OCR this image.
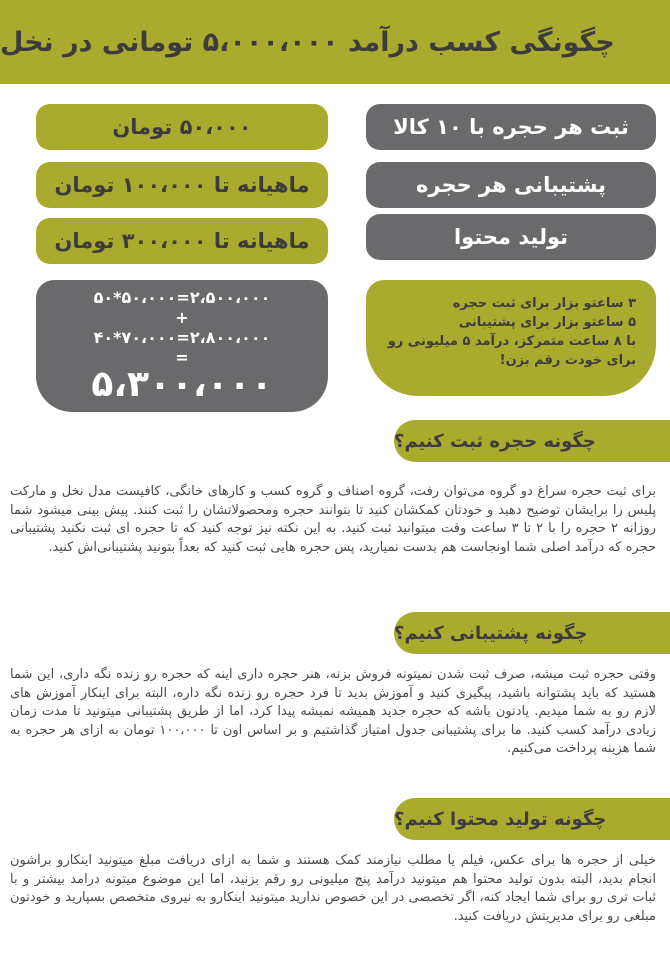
چگونگی کسب درآمد ۵،۰۰۰،۰۰۰ تومانی در نخل
ثبت هر حجره با ۱۰ کالا
۵۰،۰۰۰ تومان
پشتیبانی هر حجره
ماهیانه تا ۱۰۰،۰۰۰ تومان
تولید محتوا
ماهیانه تا ۳۰۰،۰۰۰ تومان
۵۰*۵۰،۰۰۰=۲،۵۰۰،۰۰۰
+
۴۰*۷۰،۰۰۰=۲،۸۰۰،۰۰۰
=
۵،۳۰۰،۰۰۰
۳ ساعتو بزار برای ثبت حجره
۵ ساعتو بزار برای پشتیبانی
با ۸ ساعت متمرکز، درآمد ۵ میلیونی رو
برای خودت رقم بزن!
چگونه حجره ثبت کنیم؟
برای ثبت حجره سراغ دو گروه می‌توان رفت، گروه اصناف و گروه کسب و کارهای خانگی، کافیست مدل نخل و مارکت پلیس را برایشان توضیح دهید و خودتان کمکشان کنید تا بتوانند حجره ومحصولاتشان را ثبت کنند. پیش بینی میشود شما روزانه ۲ حجره را با ۲ تا ۳ ساعت وقت میتوانید ثبت کنید. به این نکته نیز توجه کنید که تا حجره ای ثبت نکنید پشتیبانی حجره که درآمد اصلی شما اونجاست هم بدست نمیارید، پس حجره هایی ثبت کنید که بعداً بتونید پشتیبانی‌اش کنید.
چگونه پشتیبانی کنیم؟
وقتی حجره ثبت میشه، صرف ثبت شدن نمیتونه فروش بزنه، هنر حجره داری اینه که حجره رو زنده نگه داری، این شما هستید که باید پشتوانه باشید، پیگیری کنید و آموزش بدید تا فرد حجره رو زنده نگه داره، البته برای اینکار آموزش های لازم رو به شما میدیم. یادتون باشه که حجره جدید همیشه نمیشه پیدا کرد، اما از طریق پشتیبانی میتونید تا مدت زمان زیادی درآمد کسب کنید. ما برای پشتیبانی جدول امتیاز گذاشتیم و بر اساس اون تا ۱۰۰،۰۰۰ تومان به ازای هر حجره به شما هزینه پرداخت می‌کنیم.
چگونه تولید محتوا کنیم؟
خیلی از حجره ها برای عکس، فیلم یا مطلب نیازمند کمک هستند و شما به ازای دریافت مبلغ میتونید اینکارو براشون انجام بدید، البته بدون تولید محتوا هم میتونید درآمد پنج میلیونی رو رقم بزنید، اما این موضوع میتونه درامد بیشتر و با ثبات تری رو برای شما ایجاد کنه، اگر تخصصی در این خصوص ندارید میتونید اینکارو به نیروی متخصص بسپارید و خودتون مبلغی رو برای مدیریتش دریافت کنید.
